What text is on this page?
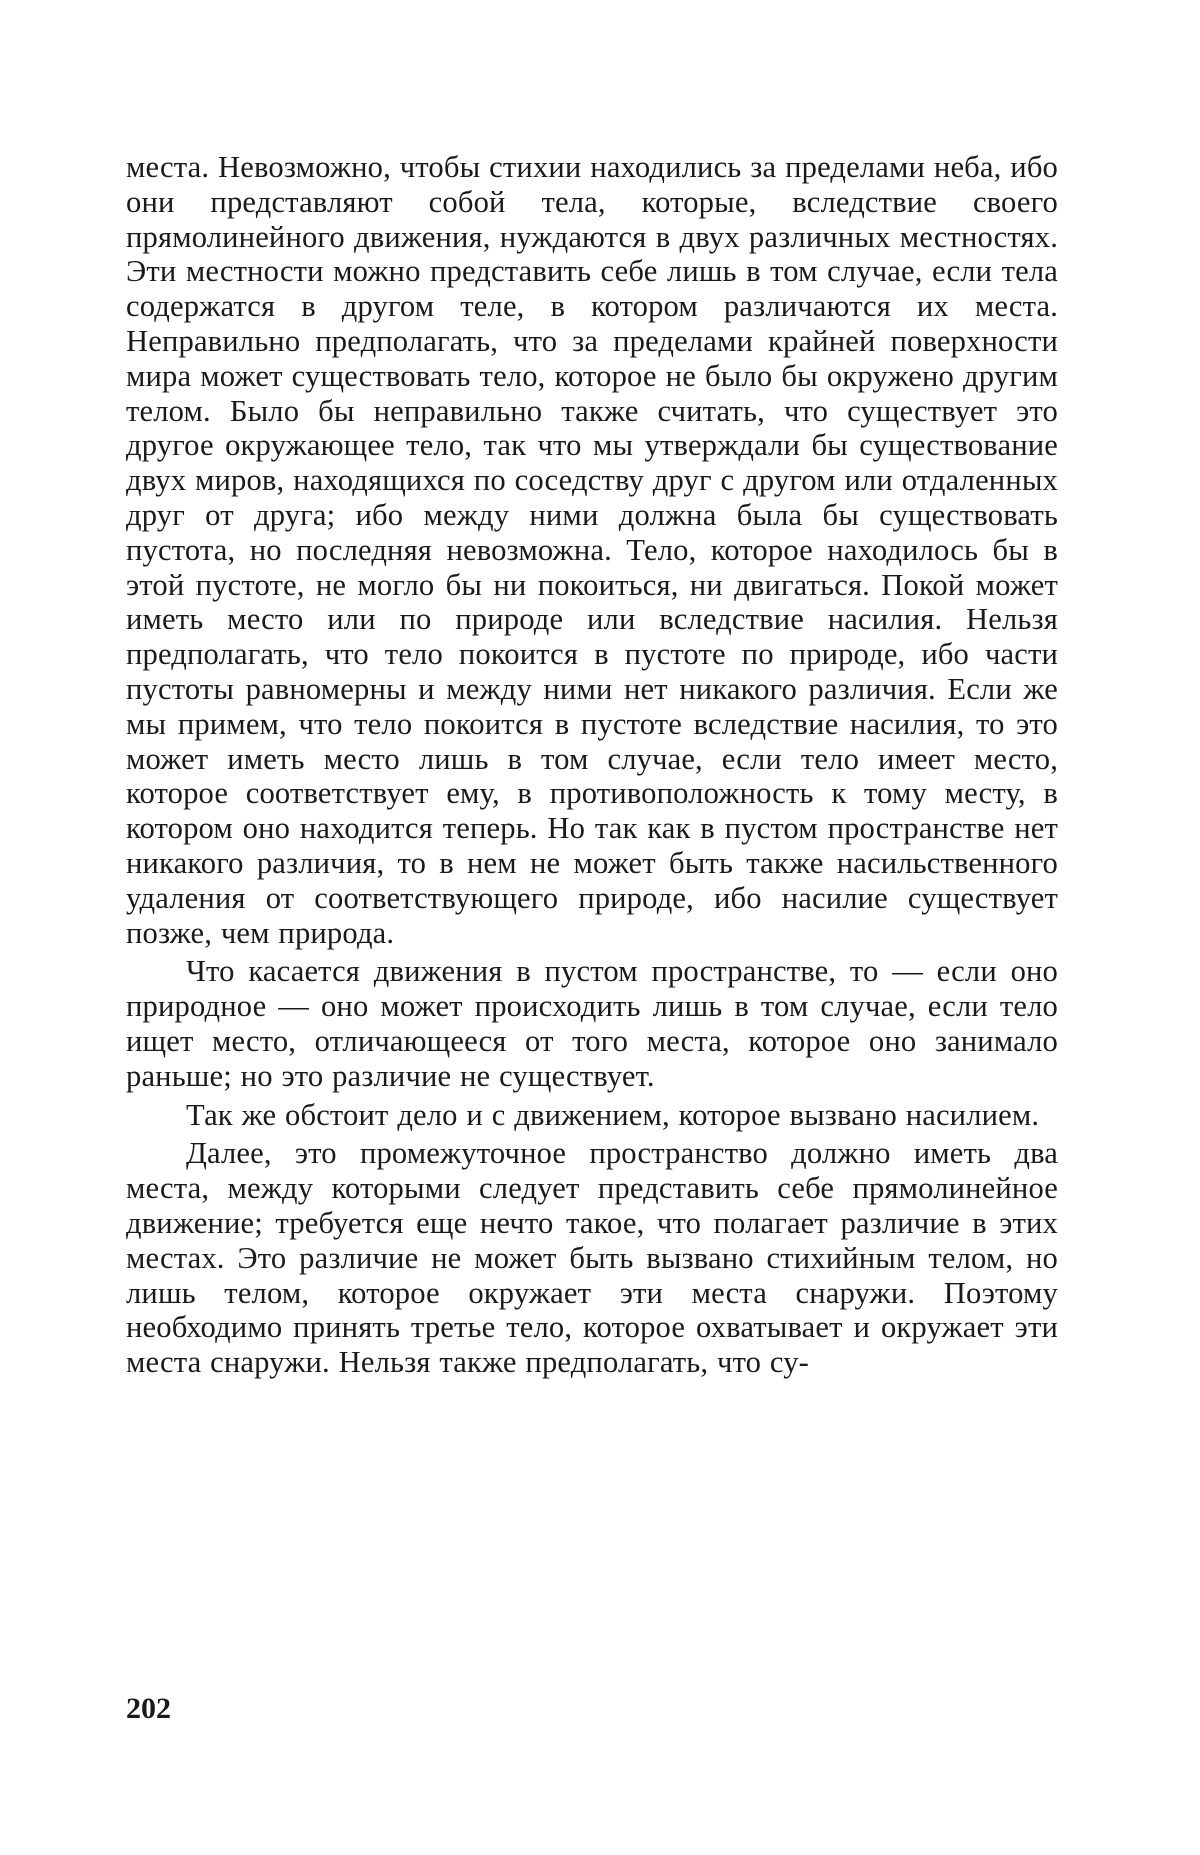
места. Невозможно, чтобы стихии находились за пределами неба, ибо они представляют собой тела, которые, вследствие своего прямолинейного движения, нуждаются в двух различных местностях. Эти местности можно представить себе лишь в том случае, если тела содержатся в другом теле, в котором различаются их места. Неправильно предполагать, что за пределами крайней поверхности мира может существовать тело, которое не было бы окружено другим телом. Было бы неправильно также считать, что существует это другое окружающее тело, так что мы утверждали бы существование двух миров, находящихся по соседству друг с другом или отдаленных друг от друга; ибо между ними должна была бы существовать пустота, но последняя невозможна. Тело, которое находилось бы в этой пустоте, не могло бы ни покоиться, ни двигаться. Покой может иметь место или по природе или вследствие насилия. Нельзя предполагать, что тело покоится в пустоте по природе, ибо части пустоты равномерны и между ними нет никакого различия. Если же мы примем, что тело покоится в пустоте вследствие насилия, то это может иметь место лишь в том случае, если тело имеет место, которое соответствует ему, в противоположность к тому месту, в котором оно находится теперь. Но так как в пустом пространстве нет никакого различия, то в нем не может быть также насильственного удаления от соответствующего природе, ибо насилие существует позже, чем природа.

Что касается движения в пустом пространстве, то — если оно природное — оно может происходить лишь в том случае, если тело ищет место, отличающееся от того места, которое оно занимало раньше; но это различие не существует.

Так же обстоит дело и с движением, которое вызвано насилием.

Далее, это промежуточное пространство должно иметь два места, между которыми следует представить себе прямолинейное движение; требуется еще нечто такое, что полагает различие в этих местах. Это различие не может быть вызвано стихийным телом, но лишь телом, которое окружает эти места снаружи. Поэтому необходимо принять третье тело, которое охватывает и окружает эти места снаружи. Нельзя также предполагать, что су-

202
